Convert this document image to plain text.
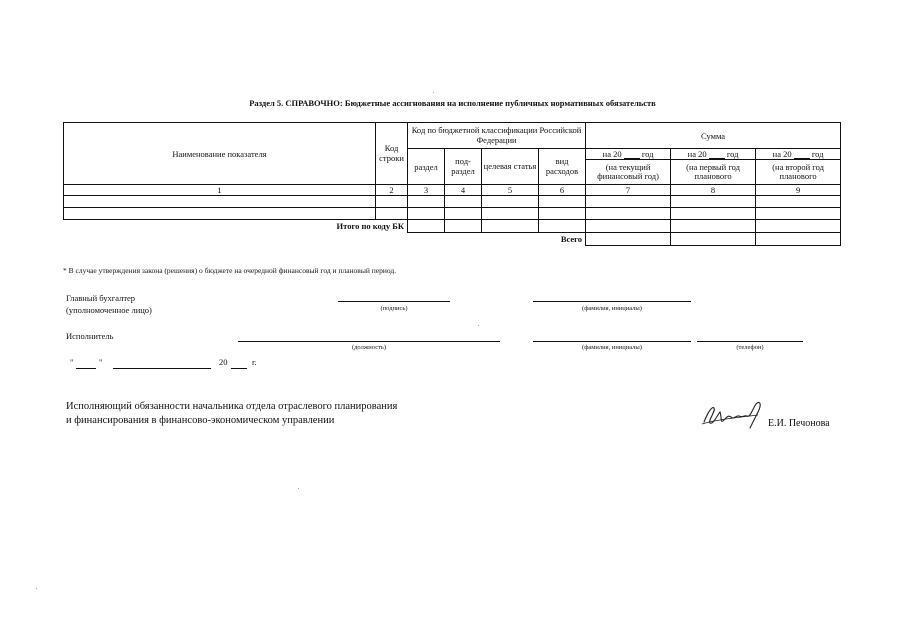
Раздел 5. СПРАВОЧНО: Бюджетные ассигнования на исполнение публичных нормативных обязательств
Наименование показателя	Код строки	Код по бюджетной классификации Российской Федерации				Сумма		
		раздел	под- раздел	целевая статья	вид расходов	на 20 год	на 20 год	на 20 год
						(на текущий финансовый год)	(на первый год планового	(на второй год планового
1	2	3	4	5	6	7	8	9

Итого по коду БК								
Всего								
* В случае утверждения закона (решения) о бюджете на очередной финансовый год и плановый период.
Главный бухгалтер
(уполномоченное лицо)	(подпись)	(фамилия, инициалы)
Исполнитель
(должность)	(фамилия, инициалы)	(телефон)
"	"	20	г.
Исполняющий обязанности начальника отдела отраслевого планирования
и финансирования в финансово-экономическом управлении	Е.И. Печонова
